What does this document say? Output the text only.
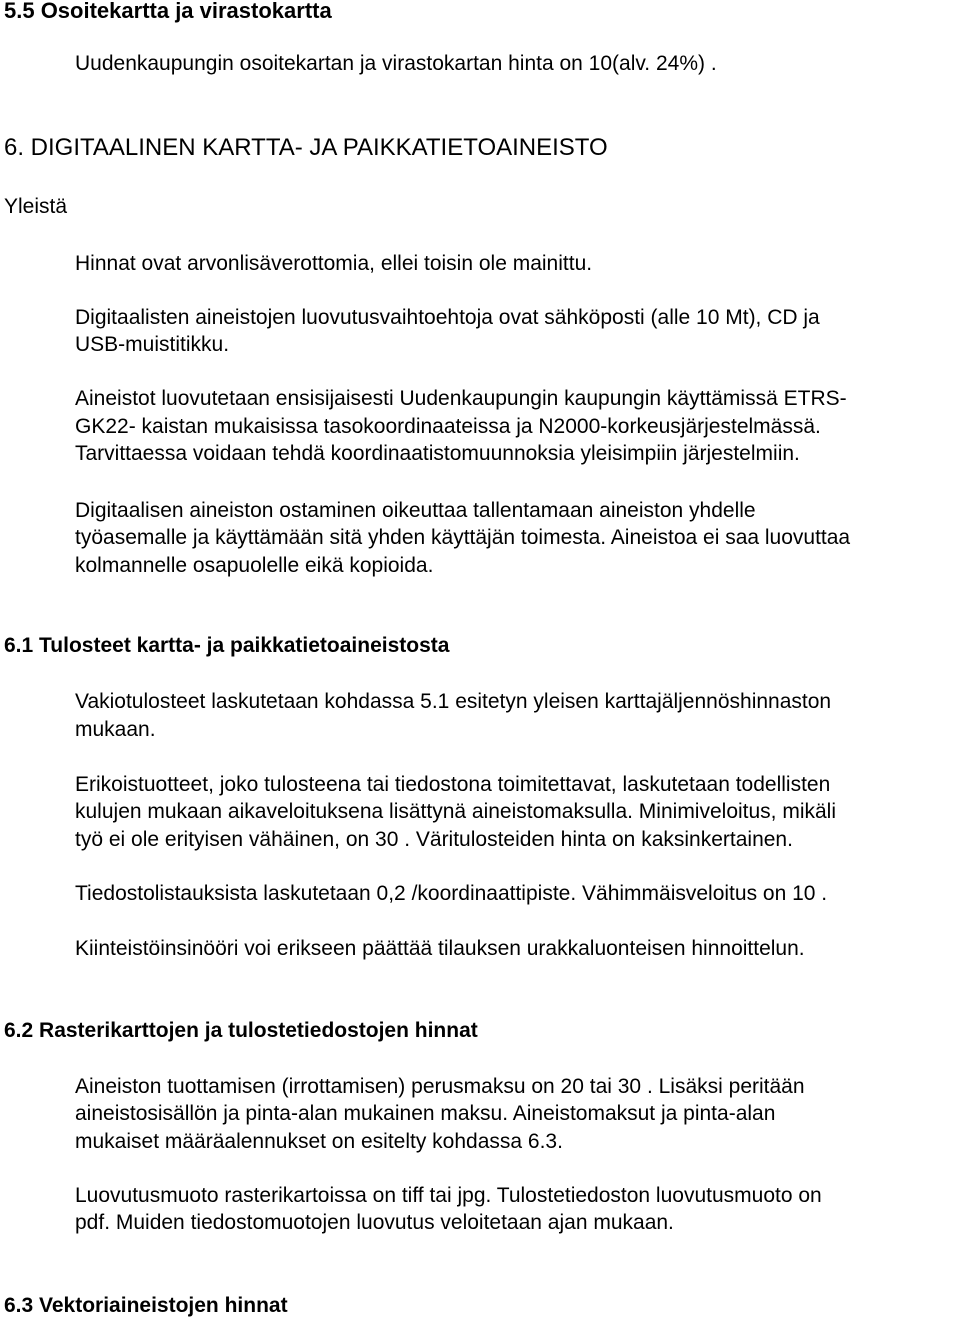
5.5 Osoitekartta ja virastokartta
Uudenkaupungin osoitekartan ja virastokartan hinta on 10(alv. 24%) .
6. DIGITAALINEN KARTTA- JA PAIKKATIETOAINEISTO
Yleistä
Hinnat ovat arvonlisäverottomia, ellei toisin ole mainittu.
Digitaalisten aineistojen luovutusvaihtoehtoja ovat sähköposti (alle 10 Mt), CD ja
USB-muistitikku.
Aineistot luovutetaan ensisijaisesti Uudenkaupungin kaupungin käyttämissä ETRS-
GK22- kaistan mukaisissa tasokoordinaateissa ja N2000-korkeusjärjestelmässä.
Tarvittaessa voidaan tehdä koordinaatistomuunnoksia yleisimpiin järjestelmiin.
Digitaalisen aineiston ostaminen oikeuttaa tallentamaan aineiston yhdelle
työasemalle ja käyttämään sitä yhden käyttäjän toimesta. Aineistoa ei saa luovuttaa
kolmannelle osapuolelle eikä kopioida.
6.1 Tulosteet kartta- ja paikkatietoaineistosta
Vakiotulosteet laskutetaan kohdassa 5.1 esitetyn yleisen karttajäljennöshinnaston
mukaan.
Erikoistuotteet, joko tulosteena tai tiedostona toimitettavat, laskutetaan todellisten
kulujen mukaan aikaveloituksena lisättynä aineistomaksulla. Minimiveloitus, mikäli
työ ei ole erityisen vähäinen, on 30 . Väritulosteiden hinta on kaksinkertainen.
Tiedostolistauksista laskutetaan 0,2 /koordinaattipiste. Vähimmäisveloitus on 10 .
Kiinteistöinsinööri voi erikseen päättää tilauksen urakkaluonteisen hinnoittelun.
6.2 Rasterikarttojen ja tulostetiedostojen hinnat
Aineiston tuottamisen (irrottamisen) perusmaksu on 20 tai 30 . Lisäksi peritään
aineistosisällön ja pinta-alan mukainen maksu. Aineistomaksut ja pinta-alan
mukaiset määräalennukset on esitelty kohdassa 6.3.
Luovutusmuoto rasterikartoissa on tiff tai jpg. Tulostetiedoston luovutusmuoto on
pdf. Muiden tiedostomuotojen luovutus veloitetaan ajan mukaan.
6.3 Vektoriaineistojen hinnat
